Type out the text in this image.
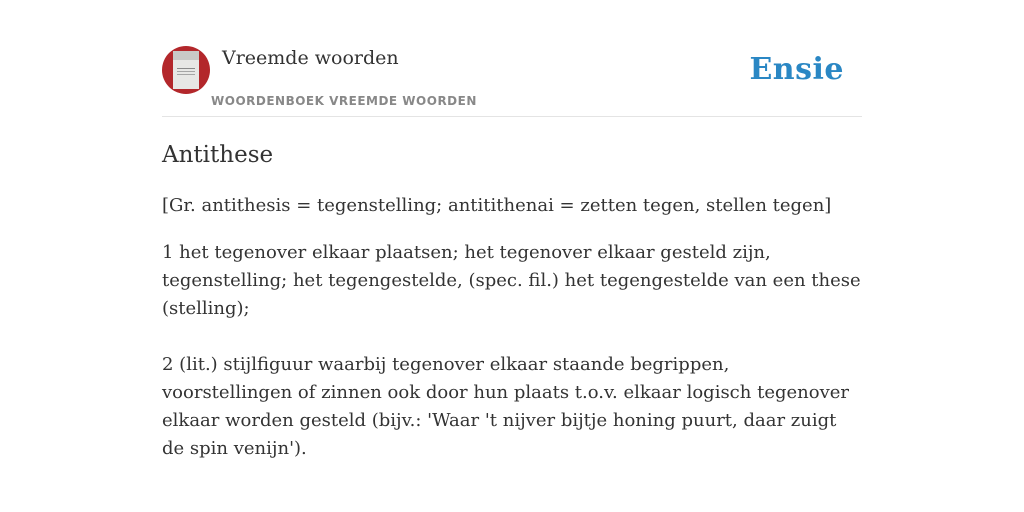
Vreemde woorden
WOORDENBOEK VREEMDE WOORDEN
Ensie
Antithese
[Gr. antithesis = tegenstelling; antitithenai = zetten tegen, stellen tegen]

1 het tegenover elkaar plaatsen; het tegenover elkaar gesteld zijn, tegenstelling; het tegengestelde, (spec. fil.) het tegengestelde van een these (stelling);

2 (lit.) stijlfiguur waarbij tegenover elkaar staande begrippen, voorstellingen of zinnen ook door hun plaats t.o.v. elkaar logisch tegenover elkaar worden gesteld (bijv.: 'Waar 't nijver bijtje honing puurt, daar zuigt de spin venijn').
